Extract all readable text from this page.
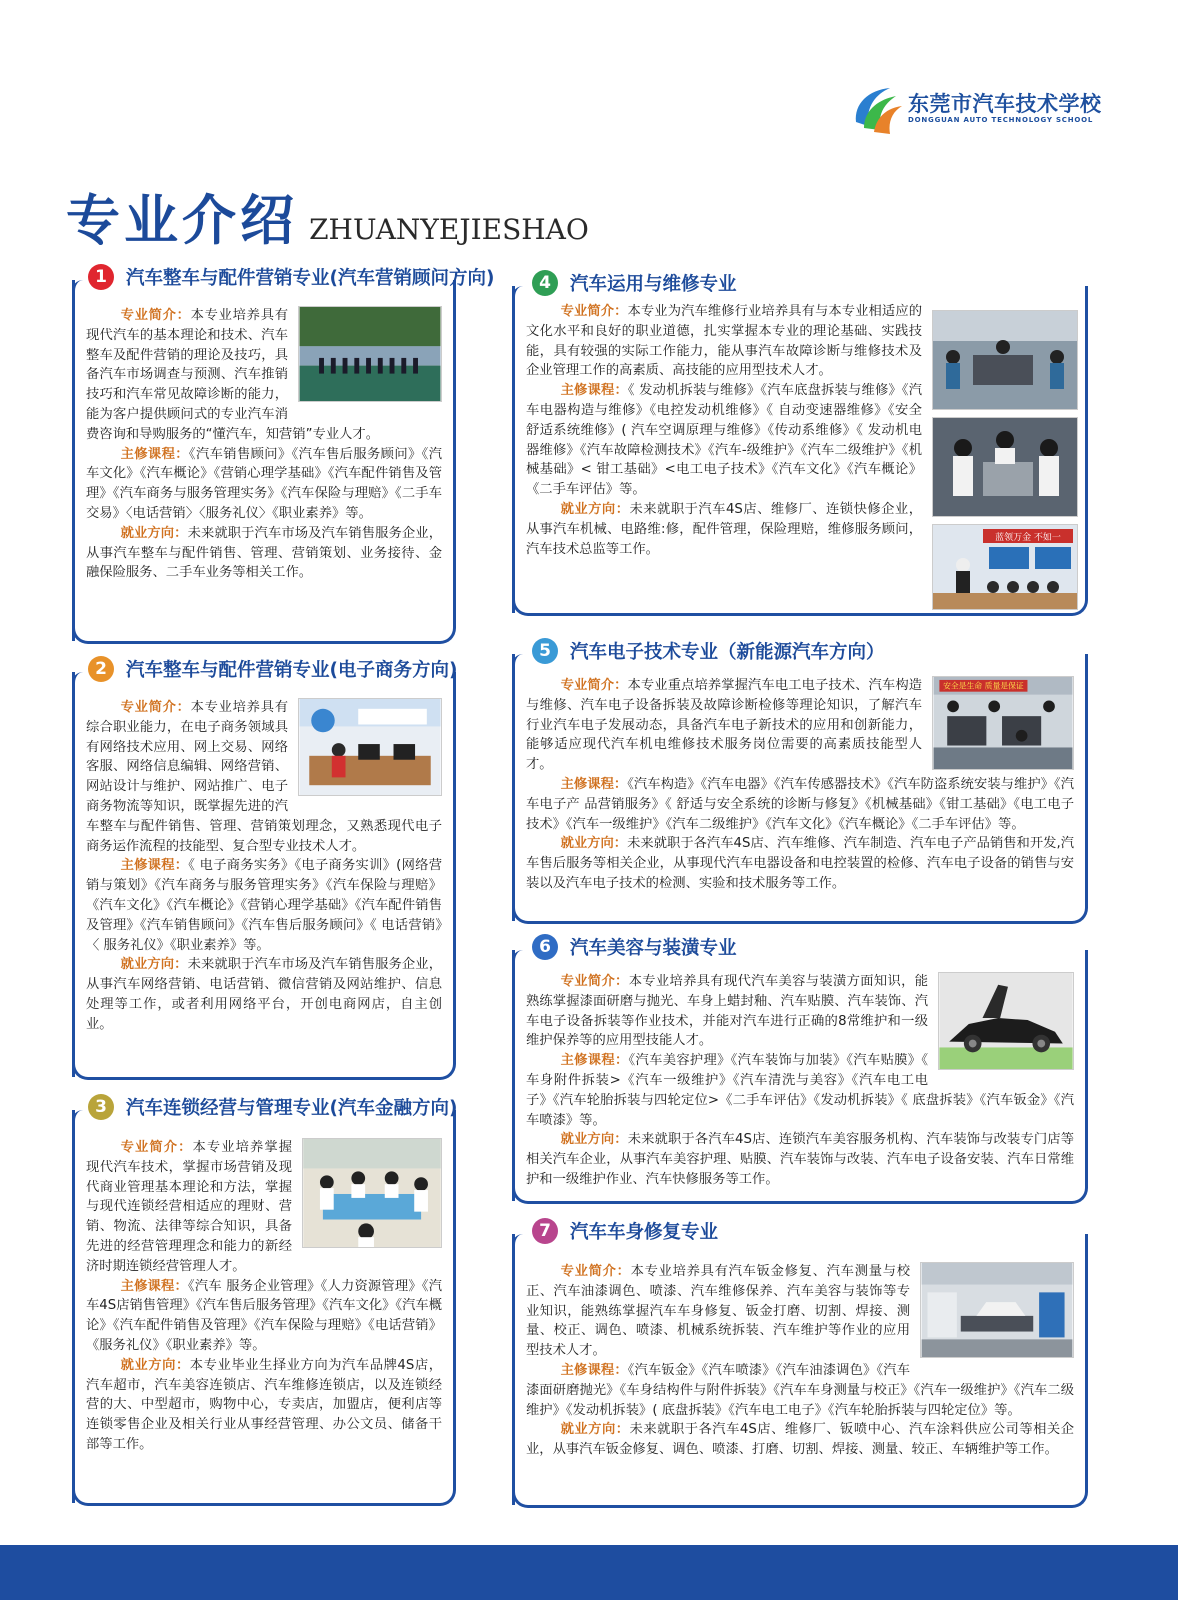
东莞市汽车技术学校
DONGGUAN AUTO TECHNOLOGY SCHOOL
专业介绍 ZHUANYEJIESHAO
1	汽车整车与配件营销专业(汽车营销顾问方向)

专业简介：本专业培养具有现代汽车的基本理论和技术、汽车整车及配件营销的理论及技巧，具备汽车市场调查与预测、汽车推销技巧和汽车常见故障诊断的能力，能为客户提供顾问式的专业汽车消费咨询和导购服务的“懂汽车，知营销”专业人才。

主修课程：《汽车销售顾问》《汽车售后服务顾问》《汽车文化》《汽车概论》《营销心理学基础》《汽车配件销售及管理》《汽车商务与服务管理实务》《汽车保险与理赔》《二手车交易》〈电话营销〉〈服务礼仪〉《职业素养》等。

就业方向：未来就职于汽车市场及汽车销售服务企业，从事汽车整车与配件销售、管理、营销策划、业务接待、金融保险服务、二手车业务等相关工作。

2	汽车整车与配件营销专业(电子商务方向)

专业简介：本专业培养具有综合职业能力，在电子商务领域具有网络技术应用、网上交易、网络客服、网络信息编辑、网络营销、网站设计与维护、网站推广、电子商务物流等知识，既掌握先进的汽车整车与配件销售、管理、营销策划理念，又熟悉现代电子商务运作流程的技能型、复合型专业技术人才。

主修课程：《 电子商务实务》《电子商务实训》(网络营销与策划》《汽车商务与服务管理实务》《汽车保险与理赔》《汽车文化》《汽车概论》《营销心理学基础》《汽车配件销售及管理》《汽车销售顾问》《汽车售后服务顾问》《 电话营销》〈 服务礼仪》《职业素养》等。

就业方向：未来就职于汽车市场及汽车销售服务企业，从事汽车网络营销、电话营销、微信营销及网站维护、信息处理等工作，或者利用网络平台，开创电商网店，自主创业。

3	汽车连锁经营与管理专业(汽车金融方向)

专业简介：本专业培养掌握现代汽车技术，掌握市场营销及现代商业管理基本理论和方法，掌握与现代连锁经营相适应的理财、营销、物流、法律等综合知识，具备先进的经营管理理念和能力的新经济时期连锁经营管理人才。

主修课程：《汽车 服务企业管理》《人力资源管理》《汽车4S店销售管理》《汽车售后服务管理》《汽车文化》《汽车概论》《汽车配件销售及管理》《汽车保险与理赔》《电话营销》《服务礼仪》《职业素养》等。

就业方向：本专业毕业生择业方向为汽车品牌4S店，汽车超市，汽车美容连锁店、汽车维修连锁店，以及连锁经营的大、中型超市，购物中心，专卖店，加盟店，便利店等连锁零售企业及相关行业从事经营管理、办公文员、储备干部等工作。

4	汽车运用与维修专业
蓝领万金 不如一

专业简介：本专业为汽车维修行业培养具有与本专业相适应的文化水平和良好的职业道德，扎实掌握本专业的理论基础、实践技能，具有较强的实际工作能力，能从事汽车故障诊断与维修技术及企业管理工作的高素质、高技能的应用型技术人才。

主修课程：《 发动机拆装与维修》《汽车底盘拆装与维修》《汽车电器构造与维修》《电控发动机维修》《 自动变速器维修》《安全舒适系统维修》( 汽车空调原理与维修》《传动系维修》《 发动机电器维修》《汽车故障检测技术》《汽车-级维护》《汽车二级维护》《机械基础》< 钳工基础》<电工电子技术》《汽车文化》《汽车概论》《二手车评估》等。

就业方向：未来就职于汽车4S店、维修厂、连锁快修企业，从事汽车机械、电路维:修，配件管理，保险理赔，维修服务顾问，汽车技术总监等工作。

5	汽车电子技术专业（新能源汽车方向）
安全是生命 质量是保证

专业简介：本专业重点培养掌握汽车电工电子技术、汽车构造与维修、汽车电子设备拆装及故障诊断检修等理论知识，了解汽车行业汽车电子发展动态，具备汽车电子新技术的应用和创新能力，能够适应现代汽车机电维修技术服务岗位需要的高素质技能型人才。

主修课程：《汽车构造》《汽车电器》《汽车传感器技术》《汽车防盗系统安装与维护》《汽车电子产 品营销服务》《 舒适与安全系统的诊断与修复》《机械基础》《钳工基础》《电工电子技术》《汽车一级维护》《汽车二级维护》《汽车文化》《汽车概论》《二手车评估》等。

就业方向：未来就职于各汽车4S店、汽车维修、汽车制造、汽车电子产品销售和开发,汽车售后服务等相关企业，从事现代汽车电器设备和电控装置的检修、汽车电子设备的销售与安装以及汽车电子技术的检测、实验和技术服务等工作。

6	汽车美容与装潢专业

专业简介：本专业培养具有现代汽车美容与装潢方面知识，能熟练掌握漆面研磨与抛光、车身上蜡封釉、汽车贴膜、汽车装饰、汽车电子设备拆装等作业技术，并能对汽车进行正确的8常维护和一级维护保养等的应用型技能人才。

主修课程：《汽车美容护理》《汽车装饰与加装》《汽车贴膜》《 车身附件拆装>《汽车一级维护》《汽车清洗与美容》《汽车电工电子》《汽车轮胎拆装与四轮定位>《二手车评估》《发动机拆装》《 底盘拆装》《汽车钣金》《汽车喷漆》等。

就业方向：未来就职于各汽车4S店、连锁汽车美容服务机构、汽车装饰与改装专门店等相关汽车企业，从事汽车美容护理、贴膜、汽车装饰与改装、汽车电子设备安装、汽车日常维护和一级维护作业、汽车快修服务等工作。

7	汽车车身修复专业

专业简介：本专业培养具有汽车钣金修复、汽车测量与校正、汽车油漆调色、喷漆、汽车维修保养、汽车美容与装饰等专业知识，能熟练掌握汽车车身修复、钣金打磨、切割、焊接、测量、校正、调色、喷漆、机械系统拆装、汽车维护等作业的应用型技术人才。

主修课程：《汽车钣金》《汽车喷漆》《汽车油漆调色》《汽车漆面研磨抛光》《车身结构件与附件拆装》《汽车车身测量与校正》《汽车一级维护》《汽车二级维护》《发动机拆装》( 底盘拆装》《汽车电工电子》《汽车轮胎拆装与四轮定位》等。

就业方向：未来就职于各汽车4S店、维修厂、钣喷中心、汽车涂料供应公司等相关企业，从事汽车钣金修复、调色、喷漆、打磨、切割、焊接、测量、较正、车辆维护等工作。
